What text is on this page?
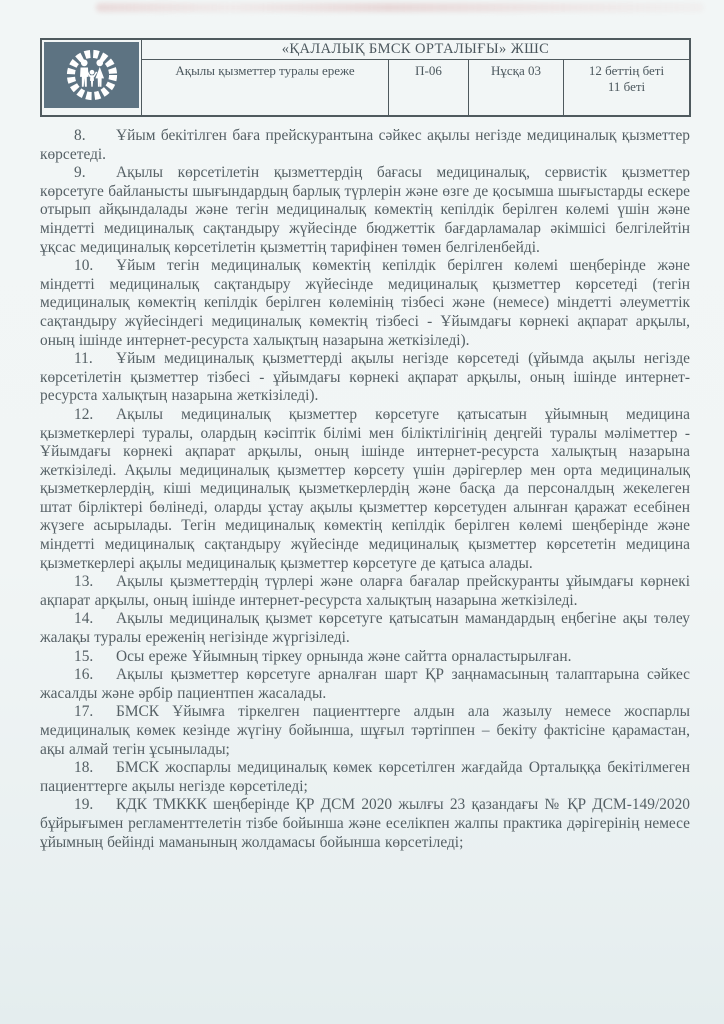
«ҚАЛАЛЫҚ БМСК ОРТАЛЫҒЫ» ЖШС
Ақылы қызметтер туралы ереже	П-06	Нұсқа 03	12 беттің беті
11 беті

8. Ұйым бекітілген баға прейскурантына сәйкес ақылы негізде медициналық қызметтер көрсетеді.

9. Ақылы көрсетілетін қызметтердің бағасы медициналық, сервистік қызметтер көрсетуге байланысты шығындардың барлық түрлерін және өзге де қосымша шығыстарды ескере отырып айқындалады және тегін медициналық көмектің кепілдік берілген көлемі үшін және міндетті медициналық сақтандыру жүйесінде бюджеттік бағдарламалар әкімшісі белгілейтін ұқсас медициналық көрсетілетін қызметтің тарифінен төмен белгіленбейді.

10. Ұйым тегін медициналық көмектің кепілдік берілген көлемі шеңберінде және міндетті медициналық сақтандыру жүйесінде медициналық қызметтер көрсетеді (тегін медициналық көмектің кепілдік берілген көлемінің тізбесі және (немесе) міндетті әлеуметтік сақтандыру жүйесіндегі медициналық көмектің тізбесі - Ұйымдағы көрнекі ақпарат арқылы, оның ішінде интернет-ресурста халықтың назарына жеткізіледі).

11. Ұйым медициналық қызметтерді ақылы негізде көрсетеді (ұйымда ақылы негізде көрсетілетін қызметтер тізбесі - ұйымдағы көрнекі ақпарат арқылы, оның ішінде интернет-ресурста халықтың назарына жеткізіледі).

12. Ақылы медициналық қызметтер көрсетуге қатысатын ұйымның медицина қызметкерлері туралы, олардың кәсіптік білімі мен біліктілігінің деңгейі туралы мәліметтер - Ұйымдағы көрнекі ақпарат арқылы, оның ішінде интернет-ресурста халықтың назарына жеткізіледі. Ақылы медициналық қызметтер көрсету үшін дәрігерлер мен орта медициналық қызметкерлердің, кіші медициналық қызметкерлердің және басқа да персоналдың жекелеген штат бірліктері бөлінеді, оларды ұстау ақылы қызметтер көрсетуден алынған қаражат есебінен жүзеге асырылады. Тегін медициналық көмектің кепілдік берілген көлемі шеңберінде және міндетті медициналық сақтандыру жүйесінде медициналық қызметтер көрсететін медицина қызметкерлері ақылы медициналық қызметтер көрсетуге де қатыса алады.

13. Ақылы қызметтердің түрлері және оларға бағалар прейскуранты ұйымдағы көрнекі ақпарат арқылы, оның ішінде интернет-ресурста халықтың назарына жеткізіледі.

14. Ақылы медициналық қызмет көрсетуге қатысатын мамандардың еңбегіне ақы төлеу жалақы туралы ереженің негізінде жүргізіледі.

15. Осы ереже Ұйымның тіркеу орнында және сайтта орналастырылған.

16. Ақылы қызметтер көрсетуге арналған шарт ҚР заңнамасының талаптарына сәйкес жасалды және әрбір пациентпен жасалады.

17. БМСК Ұйымға тіркелген пациенттерге алдын ала жазылу немесе жоспарлы медициналық көмек кезінде жүгіну бойынша, шұғыл тәртіппен – бекіту фактісіне қарамастан, ақы алмай тегін ұсынылады;

18. БМСК жоспарлы медициналық көмек көрсетілген жағдайда Орталыққа бекітілмеген пациенттерге ақылы негізде көрсетіледі;

19. КДК ТМККК шеңберінде ҚР ДСМ 2020 жылғы 23 қазандағы № ҚР ДСМ-149/2020 бұйрығымен регламенттелетін тізбе бойынша және еселікпен жалпы практика дәрігерінің немесе ұйымның бейінді маманының жолдамасы бойынша көрсетіледі;
